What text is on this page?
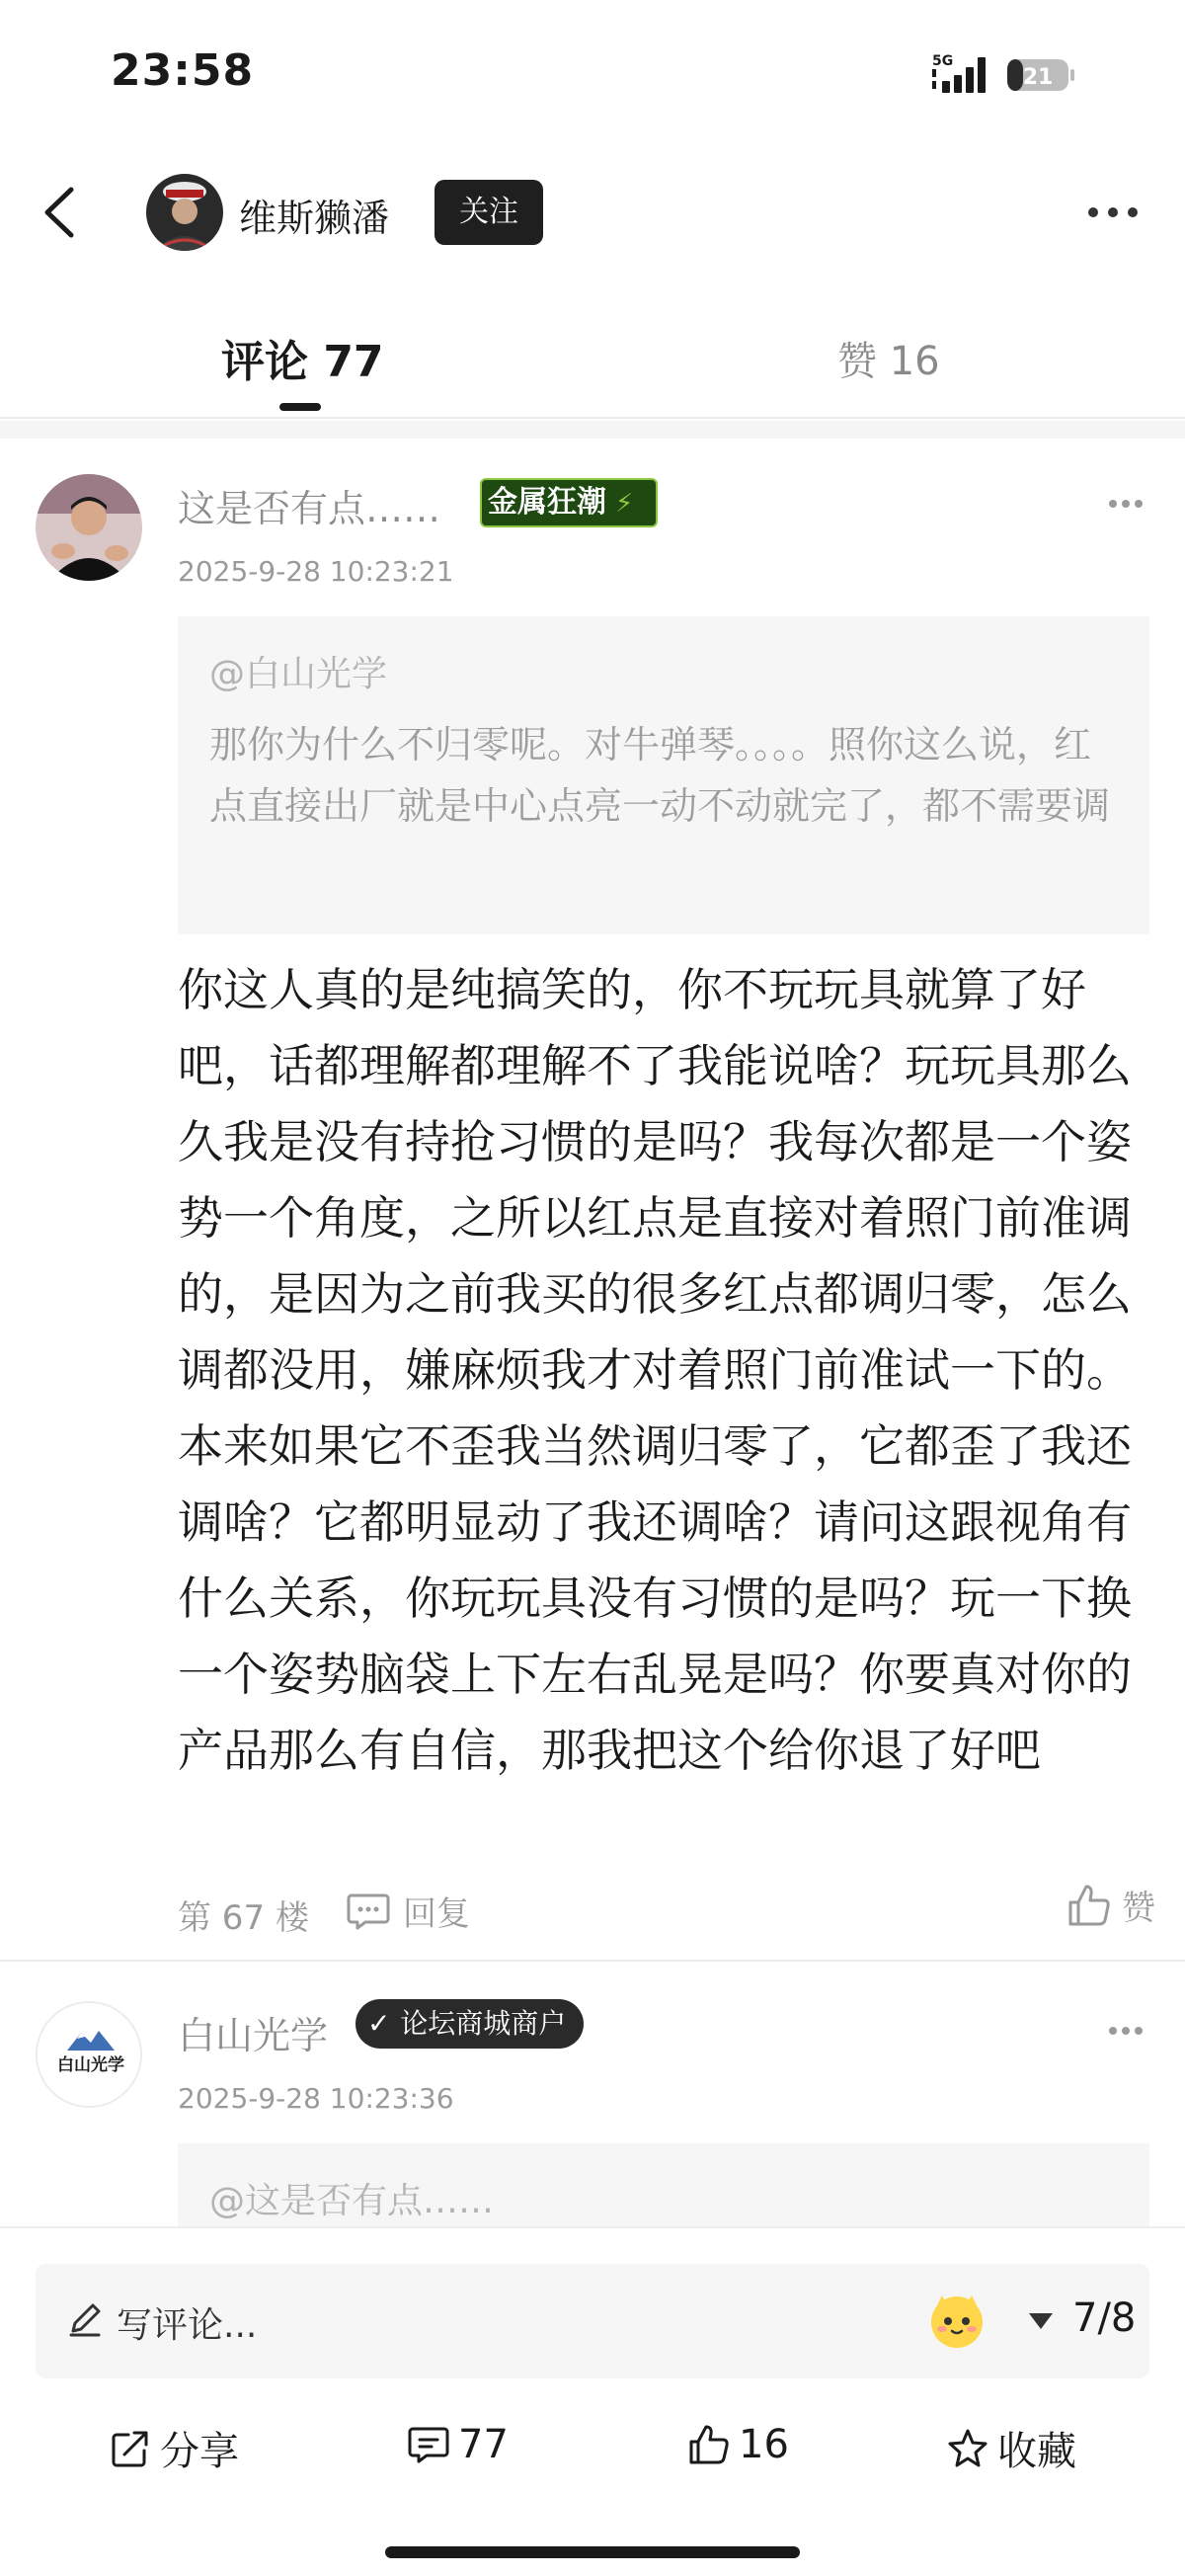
23:58	5G
21
维斯獭潘	关注
评论 77	赞 16
这是否有点…… 金属狂潮 ⚡
2025-9-28 10:23:21
@白山光学
那你为什么不归零呢。对牛弹琴。。。。照你这么说，红点直接出厂就是中心点亮一动不动就完了，都不需要调
你这人真的是纯搞笑的，你不玩玩具就算了好吧，话都理解都理解不了我能说啥？玩玩具那么久我是没有持抢习惯的是吗？我每次都是一个姿势一个角度，之所以红点是直接对着照门前准调的，是因为之前我买的很多红点都调归零，怎么调都没用，嫌麻烦我才对着照门前准试一下的。本来如果它不歪我当然调归零了，它都歪了我还调啥？它都明显动了我还调啥？请问这跟视角有什么关系，你玩玩具没有习惯的是吗？玩一下换一个姿势脑袋上下左右乱晃是吗？你要真对你的产品那么有自信，那我把这个给你退了好吧
第 67 楼	回复	赞
白山光学
白山光学	✓ 论坛商城商户
2025-9-28 10:23:36
@这是否有点……
写评论...	7/8
分享	77	16	收藏
